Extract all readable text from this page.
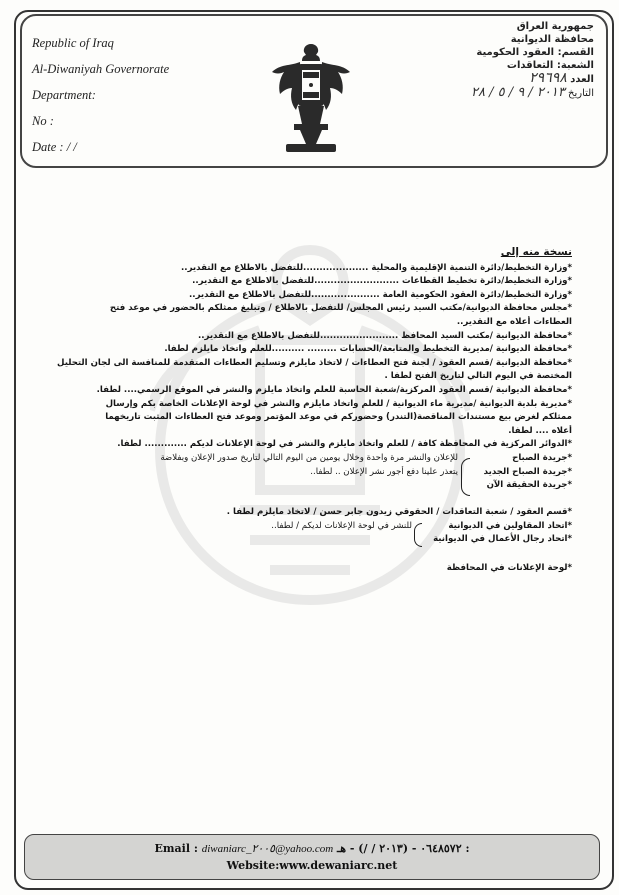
Republic of Iraq
Al-Diwaniyah Governorate
Department:
No :
Date : / /
جمهورية العراق
محافظة الديوانية
القسم: العقود الحكومية
الشعبة: التعاقدات
العدد ٢٩٦٩٨
التاريخ ٢٠١٣ / ٩ / ٥ / ٢٨
نسخة منه إلى
*وزارة التخطيط/دائرة التنمية الإقليمية والمحلية ....................للتفضل بالاطلاع مع التقدير..
*وزارة التخطيط/دائرة تخطيط القطاعات ..........................للتفضل بالاطلاع مع التقدير..
*وزارة التخطيط/دائرة العقود الحكومية العامة .....................للتفضل بالاطلاع مع التقدير..
*مجلس محافظة الديوانية/مكتب السيد رئيس المجلس/ للتفضل بالاطلاع / وتبليغ ممثلكم بالحضور في موعد فتح
العطاءات أعلاه مع التقدير..
*محافظة الديوانية /مكتب السيد المحافظ ........................للتفضل بالاطلاع مع التقدير..
*محافظة الديوانية /مديرية التخطيط والمتابعة/الحسابات ......... ..........للعلم واتخاذ مايلزم لطفا.
*محافظة الديوانية /قسم العقود / لجنة فتح العطاءات / لاتخاذ مايلزم وتسليم العطاءات المتقدمة للمنافسة الى لجان التحليل
المختصة في اليوم التالي لتاريخ الفتح لطفا .
*محافظة الديوانية /قسم العقود المركزية/شعبة الحاسبة للعلم واتخاذ مايلزم والنشر في الموقع الرسمي.... لطفا.
*مديرية بلدية الديوانية /مديرية ماء الديوانية / للعلم واتخاذ مايلزم والنشر في لوحة الإعلانات الخاصة بكم وإرسال
ممثلكم لغرض بيع مستندات المناقصة(التندر) وحضوركم في موعد المؤتمر وموعد فتح العطاءات المثبت تاريخهما
أعلاه .... لطفا.
*الدوائر المركزية في المحافظة كافة / للعلم واتخاذ مايلزم والنشر في لوحة الإعلانات لديكم ............. لطفا.
*جريدة الصباح
*جريدة الصباح الجديد
*جريدة الحقيقة الآن
للإعلان والنشر مرة واحدة وخلال يومين من اليوم التالي لتاريخ صدور الإعلان وبفلاضة
يتعذر علينا دفع أجور نشر الإعلان .. لطفا..
*قسم العقود / شعبة التعاقدات / الحقوقي زيدون جابر حسن / لاتخاذ مايلزم لطفا .
*اتحاد المقاولين في الديوانية
*اتحاد رجال الأعمال في الديوانية
للنشر في لوحة الإعلانات لديكم / لطفا..
*لوحة الإعلانات في المحافظة
Email : diwaniarc_٢٠٠٥@yahoo.com ٠٦٤٨٥٧٢ - (٢٠١٣ / /) - هـ :
Website:www.dewaniarc.net
